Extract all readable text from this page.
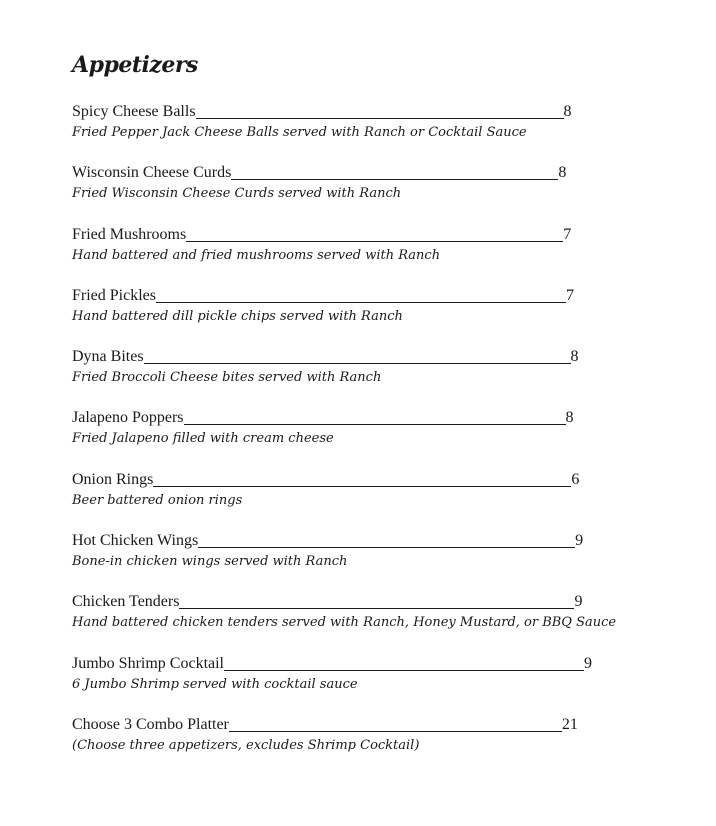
Appetizers
Spicy Cheese Balls	8
Fried Pepper Jack Cheese Balls served with Ranch or Cocktail Sauce
Wisconsin Cheese Curds	8
Fried Wisconsin Cheese Curds served with Ranch
Fried Mushrooms	7
Hand battered and fried mushrooms served with Ranch
Fried Pickles	7
Hand battered dill pickle chips served with Ranch
Dyna Bites	8
Fried Broccoli Cheese bites served with Ranch
Jalapeno Poppers	8
Fried Jalapeno filled with cream cheese
Onion Rings	6
Beer battered onion rings
Hot Chicken Wings	9
Bone-in chicken wings served with Ranch
Chicken Tenders	9
Hand battered chicken tenders served with Ranch, Honey Mustard, or BBQ Sauce
Jumbo Shrimp Cocktail	9
6 Jumbo Shrimp served with cocktail sauce
Choose 3 Combo Platter	21
(Choose three appetizers, excludes Shrimp Cocktail)
